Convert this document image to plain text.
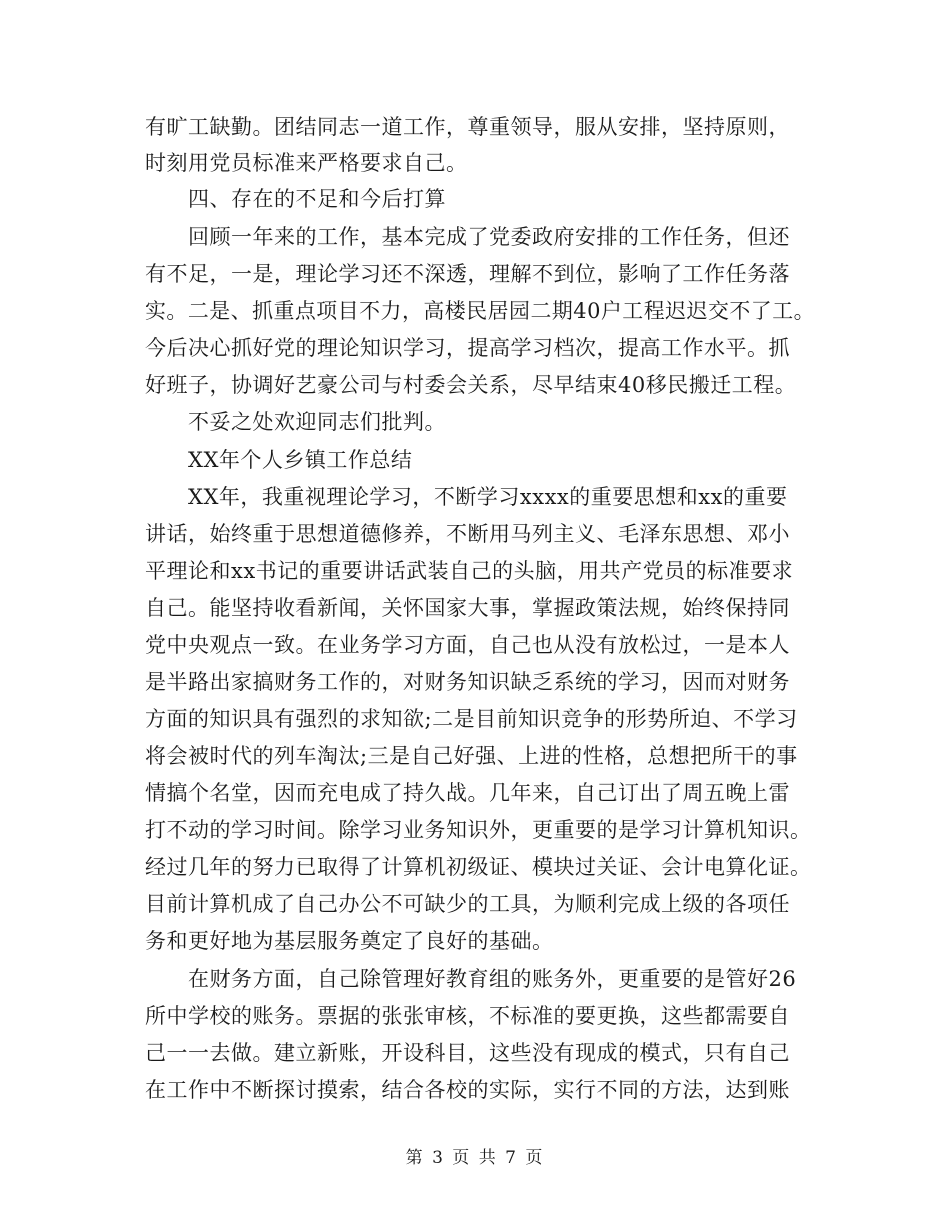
有旷工缺勤。团结同志一道工作，尊重领导，服从安排，坚持原则，
时刻用党员标准来严格要求自己。
四、存在的不足和今后打算
回顾一年来的工作，基本完成了党委政府安排的工作任务，但还
有不足，一是，理论学习还不深透，理解不到位，影响了工作任务落
实。二是、抓重点项目不力，高楼民居园二期40户工程迟迟交不了工。
今后决心抓好党的理论知识学习，提高学习档次，提高工作水平。抓
好班子，协调好艺豪公司与村委会关系，尽早结束40移民搬迁工程。
不妥之处欢迎同志们批判。
XX年个人乡镇工作总结
XX年，我重视理论学习，不断学习xxxx的重要思想和xx的重要
讲话，始终重于思想道德修养，不断用马列主义、毛泽东思想、邓小
平理论和xx书记的重要讲话武装自己的头脑，用共产党员的标准要求
自己。能坚持收看新闻，关怀国家大事，掌握政策法规，始终保持同
党中央观点一致。在业务学习方面，自己也从没有放松过，一是本人
是半路出家搞财务工作的，对财务知识缺乏系统的学习，因而对财务
方面的知识具有强烈的求知欲;二是目前知识竞争的形势所迫、不学习
将会被时代的列车淘汰;三是自己好强、上进的性格，总想把所干的事
情搞个名堂，因而充电成了持久战。几年来，自己订出了周五晚上雷
打不动的学习时间。除学习业务知识外，更重要的是学习计算机知识。
经过几年的努力已取得了计算机初级证、模块过关证、会计电算化证。
目前计算机成了自己办公不可缺少的工具，为顺利完成上级的各项任
务和更好地为基层服务奠定了良好的基础。
在财务方面，自己除管理好教育组的账务外，更重要的是管好26
所中学校的账务。票据的张张审核，不标准的要更换，这些都需要自
己一一去做。建立新账，开设科目，这些没有现成的模式，只有自己
在工作中不断探讨摸索，结合各校的实际，实行不同的方法，达到账
第 3 页 共 7 页
